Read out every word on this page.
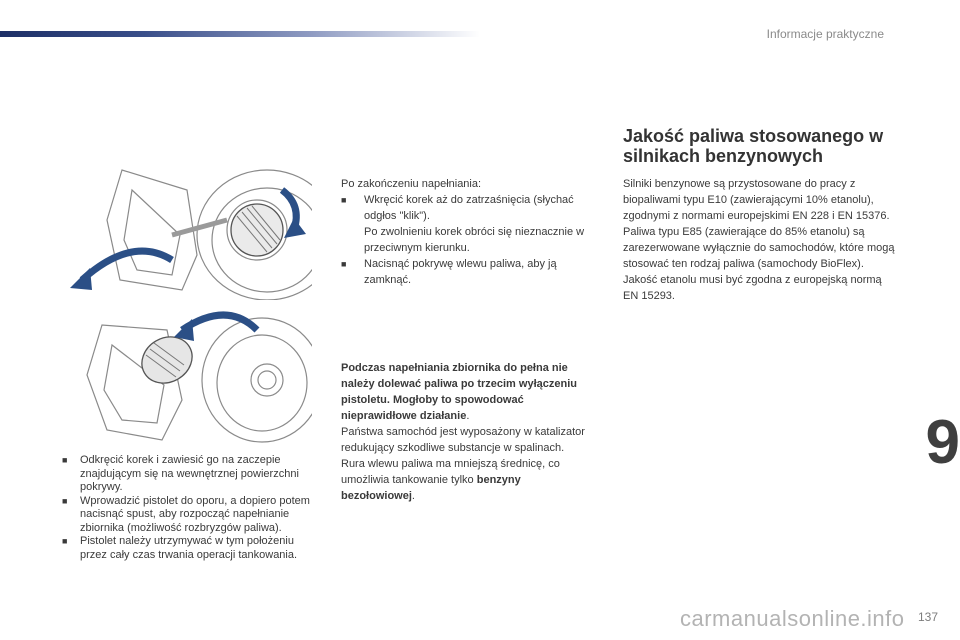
Informacje praktyczne
■	Odkręcić korek i zawiesić go na zaczepie znajdującym się na wewnętrznej powierzchni pokrywy.
■	Wprowadzić pistolet do oporu, a dopiero potem nacisnąć spust, aby rozpocząć napełnianie zbiornika (możliwość rozbryzgów paliwa).
■	Pistolet należy utrzymywać w tym położeniu przez cały czas trwania operacji tankowania.
Po zakończeniu napełniania:
■	Wkręcić korek aż do zatrzaśnięcia (słychać odgłos "klik").
Po zwolnieniu korek obróci się nieznacznie w przeciwnym kierunku.
■	Nacisnąć pokrywę wlewu paliwa, aby ją zamknąć.
Podczas napełniania zbiornika do pełna nie należy dolewać paliwa po trzecim wyłączeniu pistoletu. Mogłoby to spowodować nieprawidłowe działanie.
Państwa samochód jest wyposażony w katalizator redukujący szkodliwe substancje w spalinach.
Rura wlewu paliwa ma mniejszą średnicę, co umożliwia tankowanie tylko benzyny bezołowiowej.
Jakość paliwa stosowanego w silnikach benzynowych
Silniki benzynowe są przystosowane do pracy z biopaliwami typu E10 (zawierającymi 10% etanolu), zgodnymi z normami europejskimi EN 228 i EN 15376.
Paliwa typu E85 (zawierające do 85% etanolu) są zarezerwowane wyłącznie do samochodów, które mogą stosować ten rodzaj paliwa (samochody BioFlex). Jakość etanolu musi być zgodna z europejską normą EN 15293.
9
carmanualsonline.info 137
